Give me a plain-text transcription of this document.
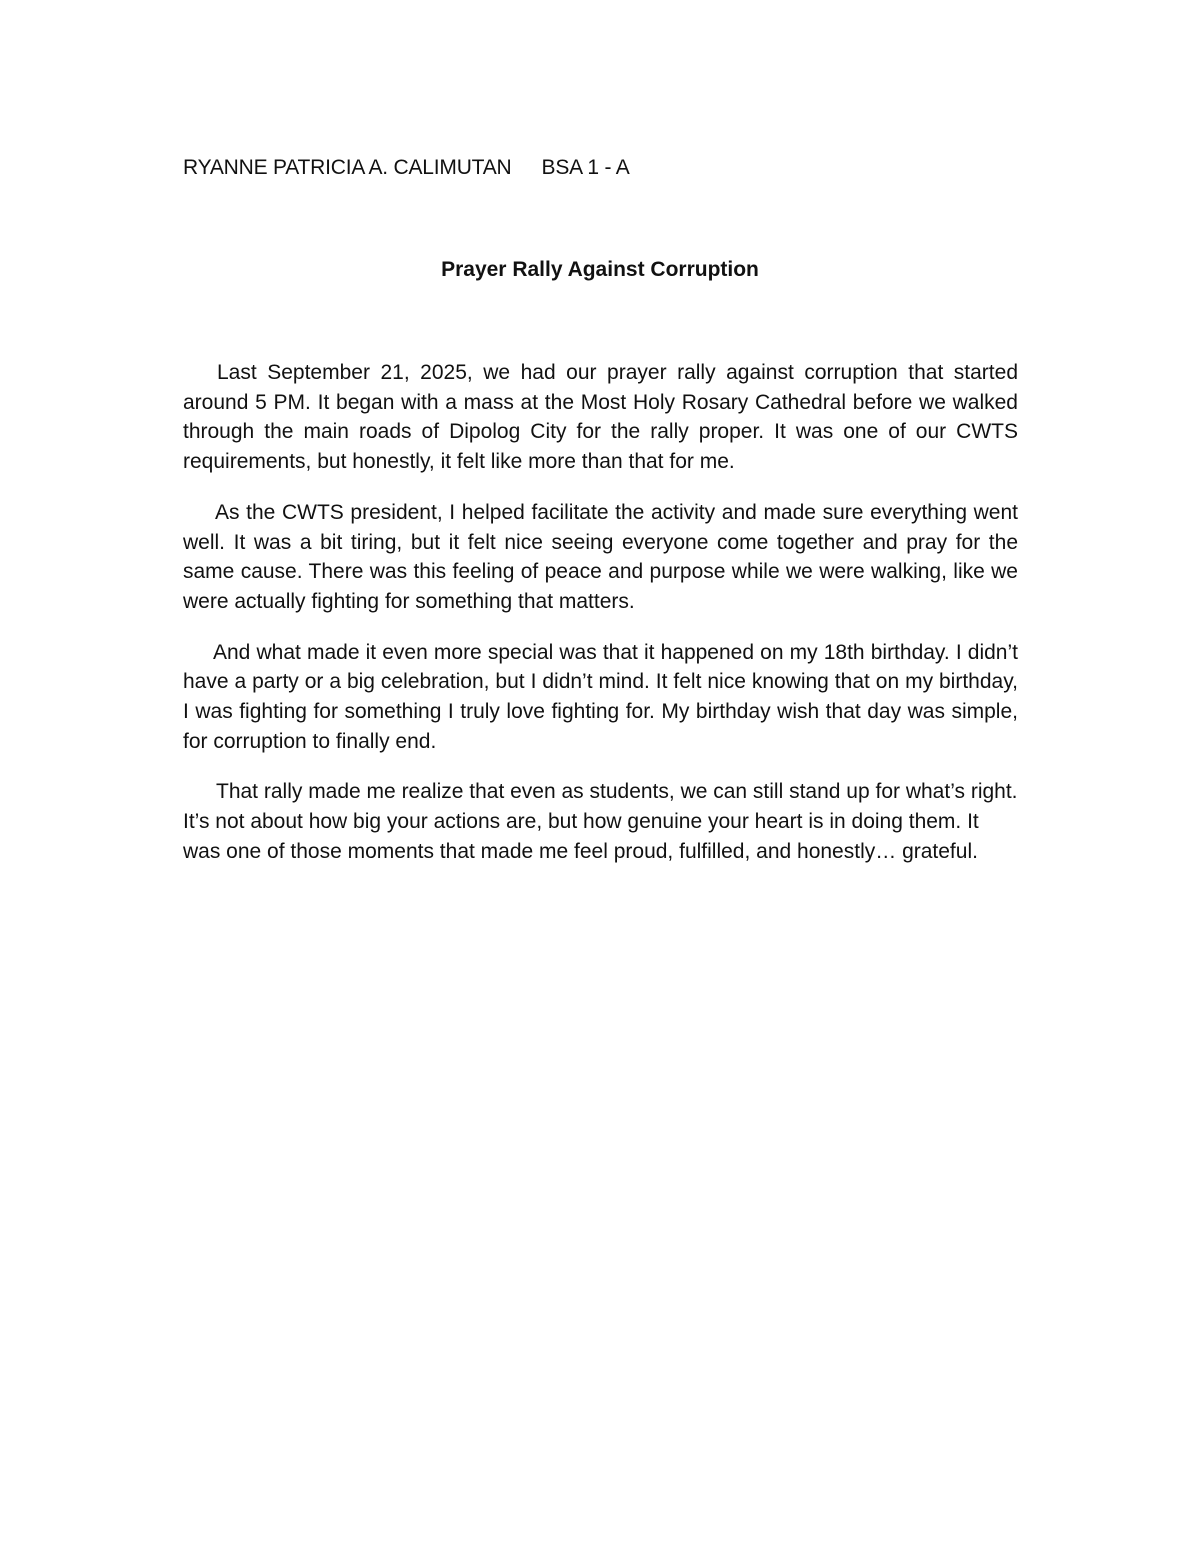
RYANNE PATRICIA A. CALIMUTAN BSA 1 - A
Prayer Rally Against Corruption

Last September 21, 2025, we had our prayer rally against corruption that started around 5 PM. It began with a mass at the Most Holy Rosary Cathedral before we walked through the main roads of Dipolog City for the rally proper. It was one of our CWTS requirements, but honestly, it felt like more than that for me.

As the CWTS president, I helped facilitate the activity and made sure everything went well. It was a bit tiring, but it felt nice seeing everyone come together and pray for the same cause. There was this feeling of peace and purpose while we were walking, like we were actually fighting for something that matters.

And what made it even more special was that it happened on my 18th birthday. I didn’t have a party or a big celebration, but I didn’t mind. It felt nice knowing that on my birthday, I was fighting for something I truly love fighting for. My birthday wish that day was simple, for corruption to finally end.

That rally made me realize that even as students, we can still stand up for what’s right. It’s not about how big your actions are, but how genuine your heart is in doing them. It was one of those moments that made me feel proud, fulfilled, and honestly… grateful.
